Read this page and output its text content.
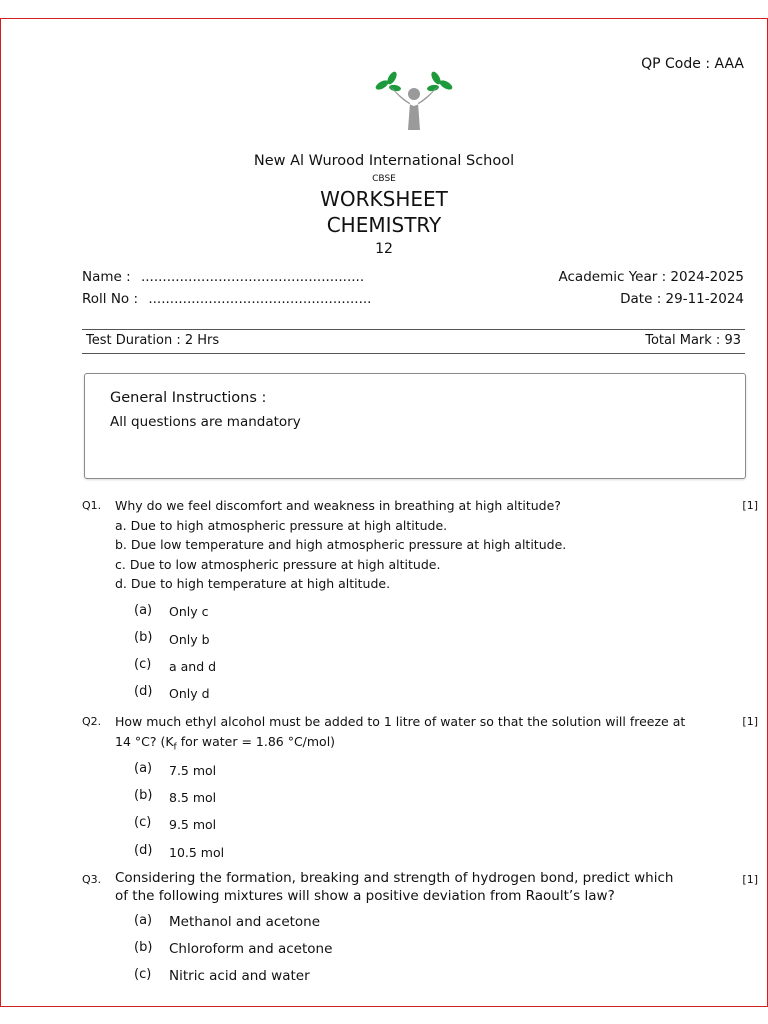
QP Code : AAA
New Al Wurood International School
CBSE
WORKSHEET
CHEMISTRY
12
Name : ....................................................
Roll No : ....................................................
Academic Year : 2024-2025
Date : 29-11-2024
Test Duration : 2 Hrs	Total Mark : 93
General Instructions :
All questions are mandatory
Q1.	[1]
Why do we feel discomfort and weakness in breathing at high altitude?
a. Due to high atmospheric pressure at high altitude.
b. Due low temperature and high atmospheric pressure at high altitude.
c. Due to low atmospheric pressure at high altitude.
d. Due to high temperature at high altitude.
(a) Only c
(b) Only b
(c) a and d
(d) Only d
Q2.	[1]
How much ethyl alcohol must be added to 1 litre of water so that the solution will freeze at
14 °C? ($K_f$ for water = 1.86 °C/mol)
(a) 7.5 mol
(b) 8.5 mol
(c) 9.5 mol
(d) 10.5 mol
Q3.	[1]
Considering the formation, breaking and strength of hydrogen bond, predict which
of the following mixtures will show a positive deviation from Raoult’s law?
(a) Methanol and acetone
(b) Chloroform and acetone
(c) Nitric acid and water
